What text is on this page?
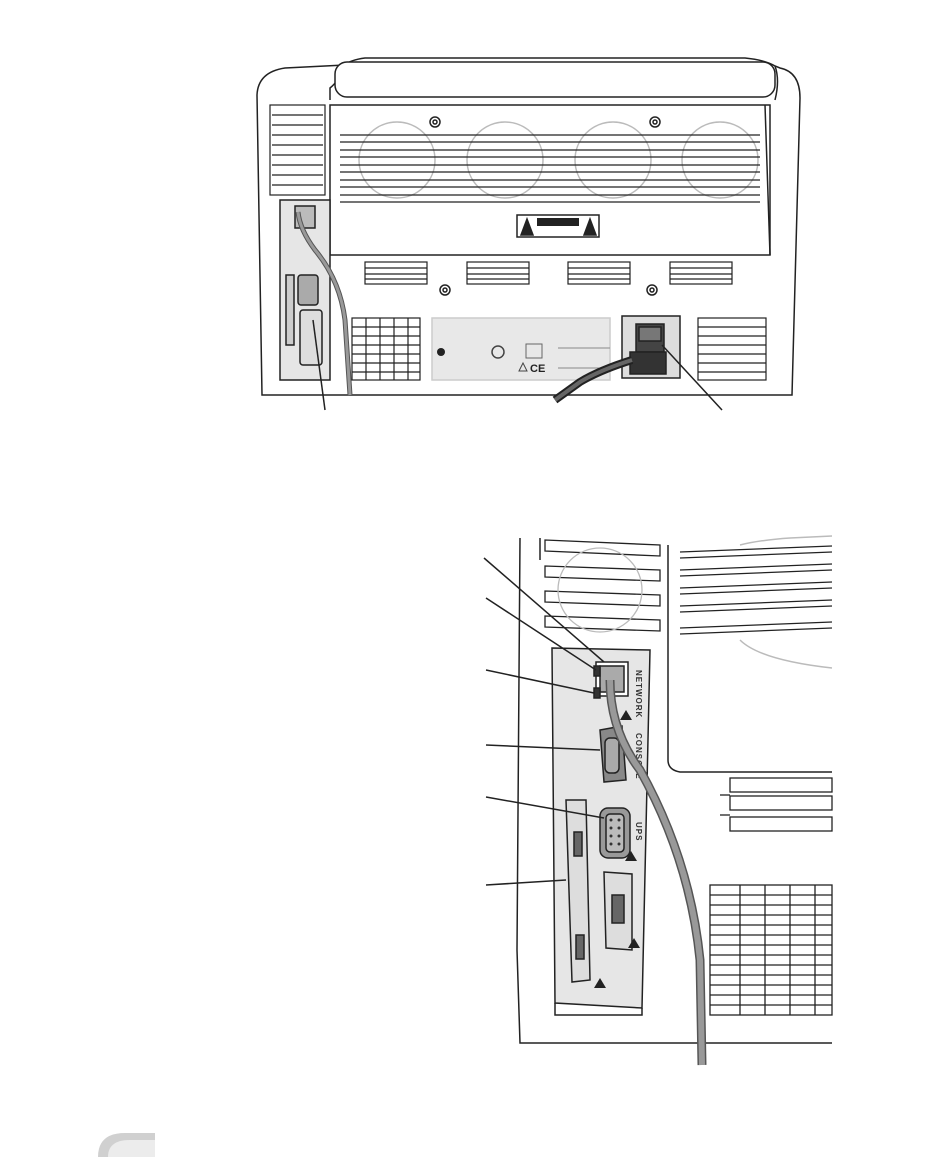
CE
NETWORK
CONSOLE
UPS
